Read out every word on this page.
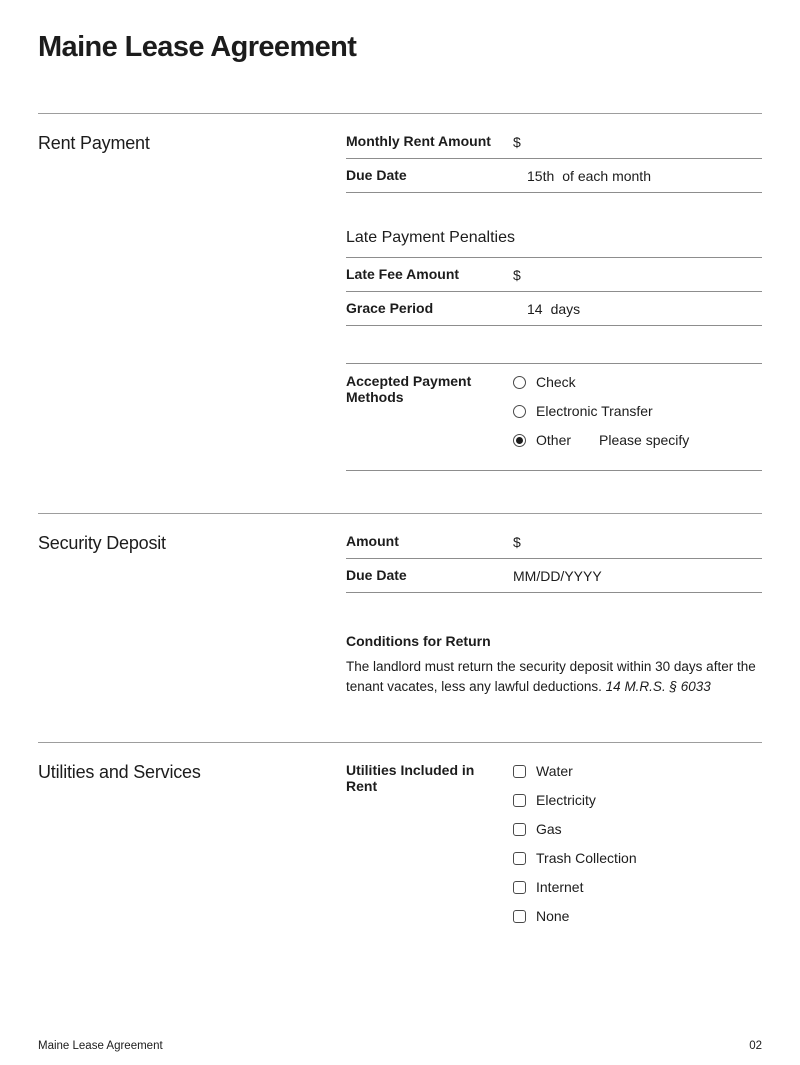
Maine Lease Agreement
Rent Payment	Monthly Rent Amount	$
Due Date	15th of each month
Late Payment Penalties
Late Fee Amount	$
Grace Period	14 days
Accepted Payment Methods
Check
Electronic Transfer
Other Please specify
Security Deposit	Amount	$
Due Date	MM/DD/YYYY
Conditions for Return
The landlord must return the security deposit within 30 days after the tenant vacates, less any lawful deductions. 14 M.R.S. § 6033
Utilities and Services	Utilities Included in Rent
Water
Electricity
Gas
Trash Collection
Internet
None
Maine Lease Agreement	02
